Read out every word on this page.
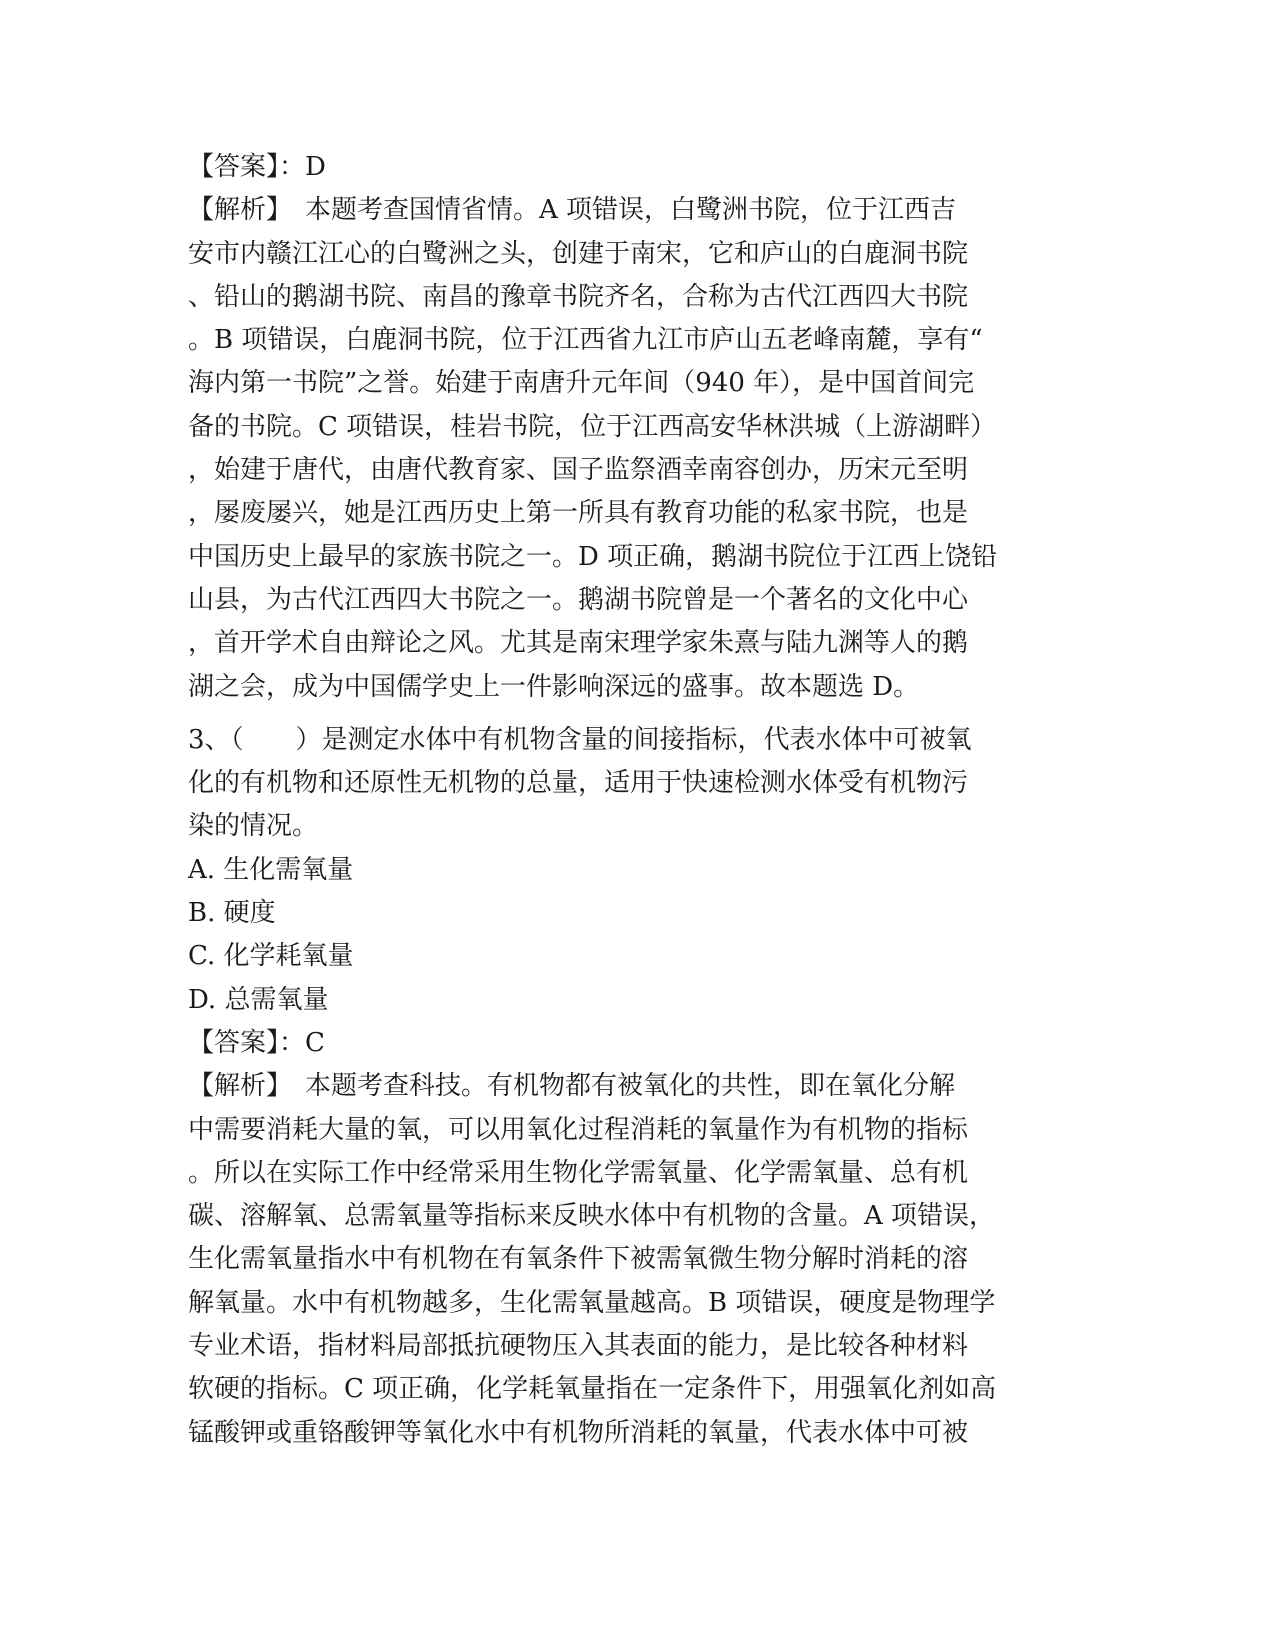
【答案】：D
【解析】　本题考查国情省情。A 项错误，白鹭洲书院，位于江西吉
安市内赣江江心的白鹭洲之头，创建于南宋，它和庐山的白鹿洞书院
、铅山的鹅湖书院、南昌的豫章书院齐名，合称为古代江西四大书院
。B 项错误，白鹿洞书院，位于江西省九江市庐山五老峰南麓，享有“
海内第一书院”之誉。始建于南唐升元年间（940 年），是中国首间完
备的书院。C 项错误，桂岩书院，位于江西高安华林洪城（上游湖畔）
，始建于唐代，由唐代教育家、国子监祭酒幸南容创办，历宋元至明
，屡废屡兴，她是江西历史上第一所具有教育功能的私家书院，也是
中国历史上最早的家族书院之一。D 项正确，鹅湖书院位于江西上饶铅
山县，为古代江西四大书院之一。鹅湖书院曾是一个著名的文化中心
，首开学术自由辩论之风。尤其是南宋理学家朱熹与陆九渊等人的鹅
湖之会，成为中国儒学史上一件影响深远的盛事。故本题选 D。
3、（　　）是测定水体中有机物含量的间接指标，代表水体中可被氧
化的有机物和还原性无机物的总量，适用于快速检测水体受有机物污
染的情况。
A. 生化需氧量
B. 硬度
C. 化学耗氧量
D. 总需氧量
【答案】：C
【解析】　本题考查科技。有机物都有被氧化的共性，即在氧化分解
中需要消耗大量的氧，可以用氧化过程消耗的氧量作为有机物的指标
。所以在实际工作中经常采用生物化学需氧量、化学需氧量、总有机
碳、溶解氧、总需氧量等指标来反映水体中有机物的含量。A 项错误，
生化需氧量指水中有机物在有氧条件下被需氧微生物分解时消耗的溶
解氧量。水中有机物越多，生化需氧量越高。B 项错误，硬度是物理学
专业术语，指材料局部抵抗硬物压入其表面的能力，是比较各种材料
软硬的指标。C 项正确，化学耗氧量指在一定条件下，用强氧化剂如高
锰酸钾或重铬酸钾等氧化水中有机物所消耗的氧量，代表水体中可被
